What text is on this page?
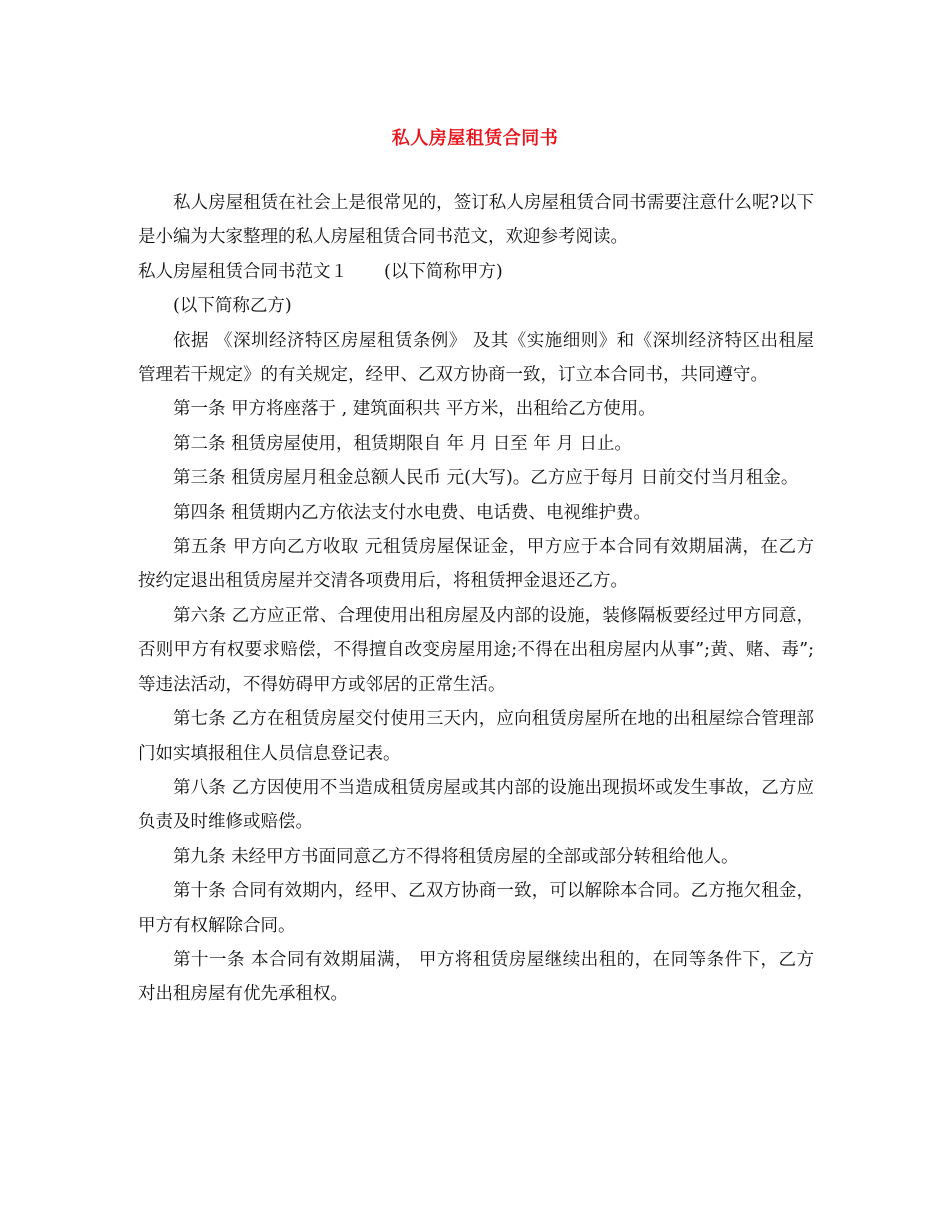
私人房屋租赁合同书

私人房屋租赁在社会上是很常见的，签订私人房屋租赁合同书需要注意什么呢?以下是小编为大家整理的私人房屋租赁合同书范文，欢迎参考阅读。

私人房屋租赁合同书范文１ (以下简称甲方)

(以下简称乙方)

依据 《深圳经济特区房屋租赁条例》 及其《实施细则》和《深圳经济特区出租屋管理若干规定》的有关规定，经甲、乙双方协商一致，订立本合同书，共同遵守。

第一条 甲方将座落于 , 建筑面积共 平方米，出租给乙方使用。

第二条 租赁房屋使用，租赁期限自 年 月 日至 年 月 日止。

第三条 租赁房屋月租金总额人民币 元(大写)。乙方应于每月 日前交付当月租金。

第四条 租赁期内乙方依法支付水电费、电话费、电视维护费。

第五条 甲方向乙方收取 元租赁房屋保证金，甲方应于本合同有效期届满，在乙方按约定退出租赁房屋并交清各项费用后，将租赁押金退还乙方。

第六条 乙方应正常、合理使用出租房屋及内部的设施，装修隔板要经过甲方同意，否则甲方有权要求赔偿，不得擅自改变房屋用途;不得在出租房屋内从事”;黄、赌、毒”;等违法活动，不得妨碍甲方或邻居的正常生活。

第七条 乙方在租赁房屋交付使用三天内，应向租赁房屋所在地的出租屋综合管理部门如实填报租住人员信息登记表。

第八条 乙方因使用不当造成租赁房屋或其内部的设施出现损坏或发生事故，乙方应负责及时维修或赔偿。

第九条 未经甲方书面同意乙方不得将租赁房屋的全部或部分转租给他人。

第十条 合同有效期内，经甲、乙双方协商一致，可以解除本合同。乙方拖欠租金，甲方有权解除合同。

第十一条 本合同有效期届满， 甲方将租赁房屋继续出租的，在同等条件下，乙方对出租房屋有优先承租权。
